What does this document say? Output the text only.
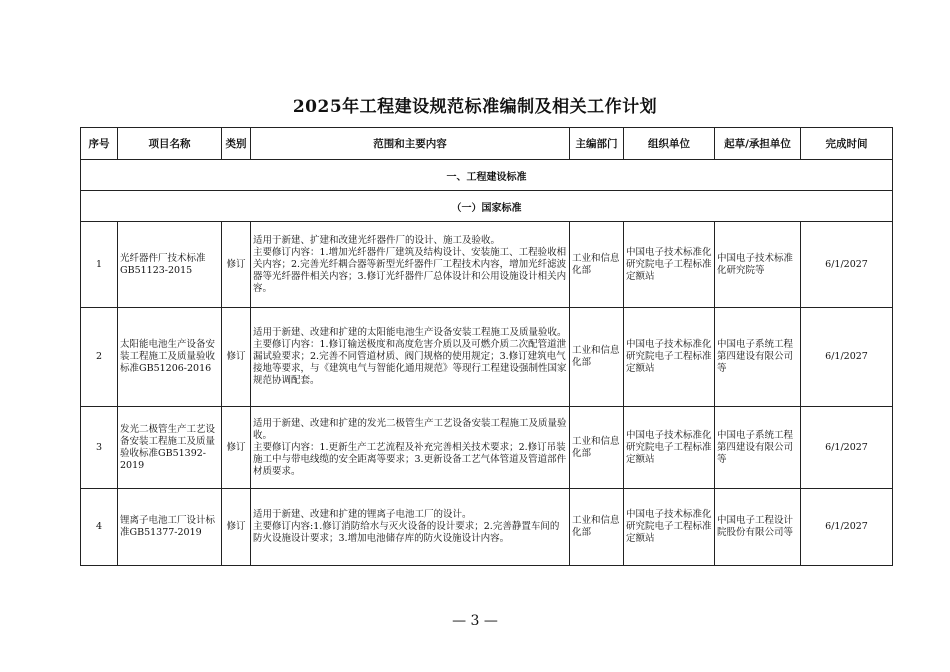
2025年工程建设规范标准编制及相关工作计划
序号	项目名称	类别	范围和主要内容	主编部门	组织单位	起草/承担单位	完成时间
一、工程建设标准							
（一）国家标准							
1	光纤器件厂技术标准GB51123-2015	修订	适用于新建、扩建和改建光纤器件厂的设计、施工及验收。
主要修订内容：1.增加光纤器件厂建筑及结构设计、安装施工、工程验收相关内容；2.完善光纤耦合器等新型光纤器件厂工程技术内容，增加光纤滤波器等光纤器件相关内容；3.修订光纤器件厂总体设计和公用设施设计相关内容。	工业和信息化部	中国电子技术标准化研究院电子工程标准定额站	中国电子技术标准化研究院等	6/1/2027
2	太阳能电池生产设备安装工程施工及质量验收标准GB51206-2016	修订	适用于新建、改建和扩建的太阳能电池生产设备安装工程施工及质量验收。
主要修订内容：1.修订输送极度和高度危害介质以及可燃介质二次配管道泄漏试验要求；2.完善不同管道材质、阀门规格的使用规定；3.修订建筑电气接地等要求，与《建筑电气与智能化通用规范》等现行工程建设强制性国家规范协调配套。	工业和信息化部	中国电子技术标准化研究院电子工程标准定额站	中国电子系统工程第四建设有限公司等	6/1/2027
3	发光二极管生产工艺设备安装工程施工及质量验收标准GB51392-2019	修订	适用于新建、改建和扩建的发光二极管生产工艺设备安装工程施工及质量验收。
主要修订内容：1.更新生产工艺流程及补充完善相关技术要求；2.修订吊装施工中与带电线缆的安全距离等要求；3.更新设备工艺气体管道及管道部件材质要求。	工业和信息化部	中国电子技术标准化研究院电子工程标准定额站	中国电子系统工程第四建设有限公司等	6/1/2027
4	锂离子电池工厂设计标准GB51377-2019	修订	适用于新建、改建和扩建的锂离子电池工厂的设计。
主要修订内容:1.修订消防给水与灭火设备的设计要求；2.完善静置车间的防火设施设计要求；3.增加电池储存库的防火设施设计内容。	工业和信息化部	中国电子技术标准化研究院电子工程标准定额站	中国电子工程设计院股份有限公司等	6/1/2027
— 3 —
